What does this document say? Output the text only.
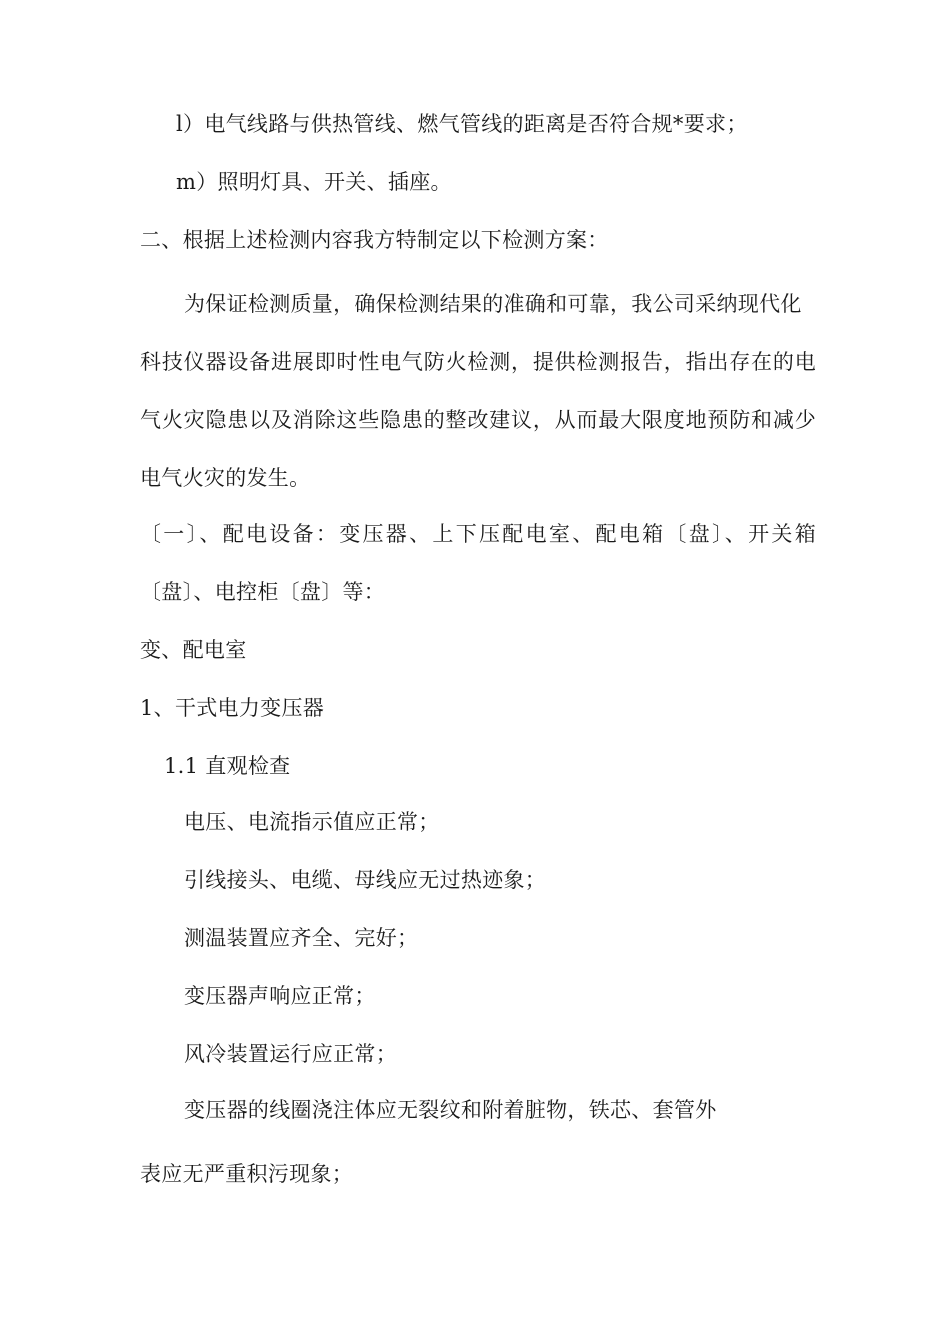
l）电气线路与供热管线、燃气管线的距离是否符合规*要求；
m）照明灯具、开关、插座。
二、根据上述检测内容我方特制定以下检测方案：
为保证检测质量，确保检测结果的准确和可靠，我公司采纳现代化
科技仪器设备进展即时性电气防火检测，提供检测报告，指出存在的电
气火灾隐患以及消除这些隐患的整改建议，从而最大限度地预防和减少
电气火灾的发生。
〔一〕、配电设备：变压器、上下压配电室、配电箱〔盘〕、开关箱
〔盘〕、电控柜〔盘〕等：
变、配电室
1、干式电力变压器
1.1 直观检查
电压、电流指示值应正常；
引线接头、电缆、母线应无过热迹象；
测温装置应齐全、完好；
变压器声响应正常；
风冷装置运行应正常；
变压器的线圈浇注体应无裂纹和附着脏物，铁芯、套管外
表应无严重积污现象；
